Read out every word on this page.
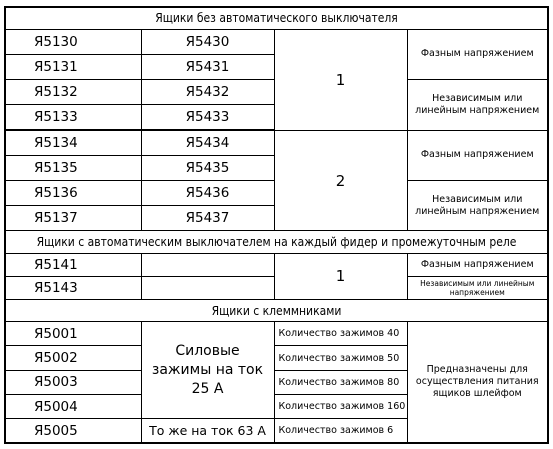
Ящики без автоматического выключателя			
Я5130	Я5430	1	Фазным напряжением
Я5131	Я5431		
Я5132	Я5432		Независимым или линейным напряжением
Я5133	Я5433		
Я5134	Я5434	2	Фазным напряжением
Я5135	Я5435		
Я5136	Я5436		Независимым или линейным напряжением
Я5137	Я5437		
Ящики с автоматическим выключателем на каждый фидер и промежуточным реле			
Я5141		1	Фазным напряжением
Я5143			Независимым или линейным напряжением
Ящики с клеммниками			
Я5001	Силовые зажимы на ток 25 А	Количество зажимов 40	Предназначены для осуществления питания ящиков шлейфом
Я5002		Количество зажимов 50	
Я5003		Количество зажимов 80	
Я5004		Количество зажимов 160	
Я5005	То же на ток 63 А	Количество зажимов 6	
